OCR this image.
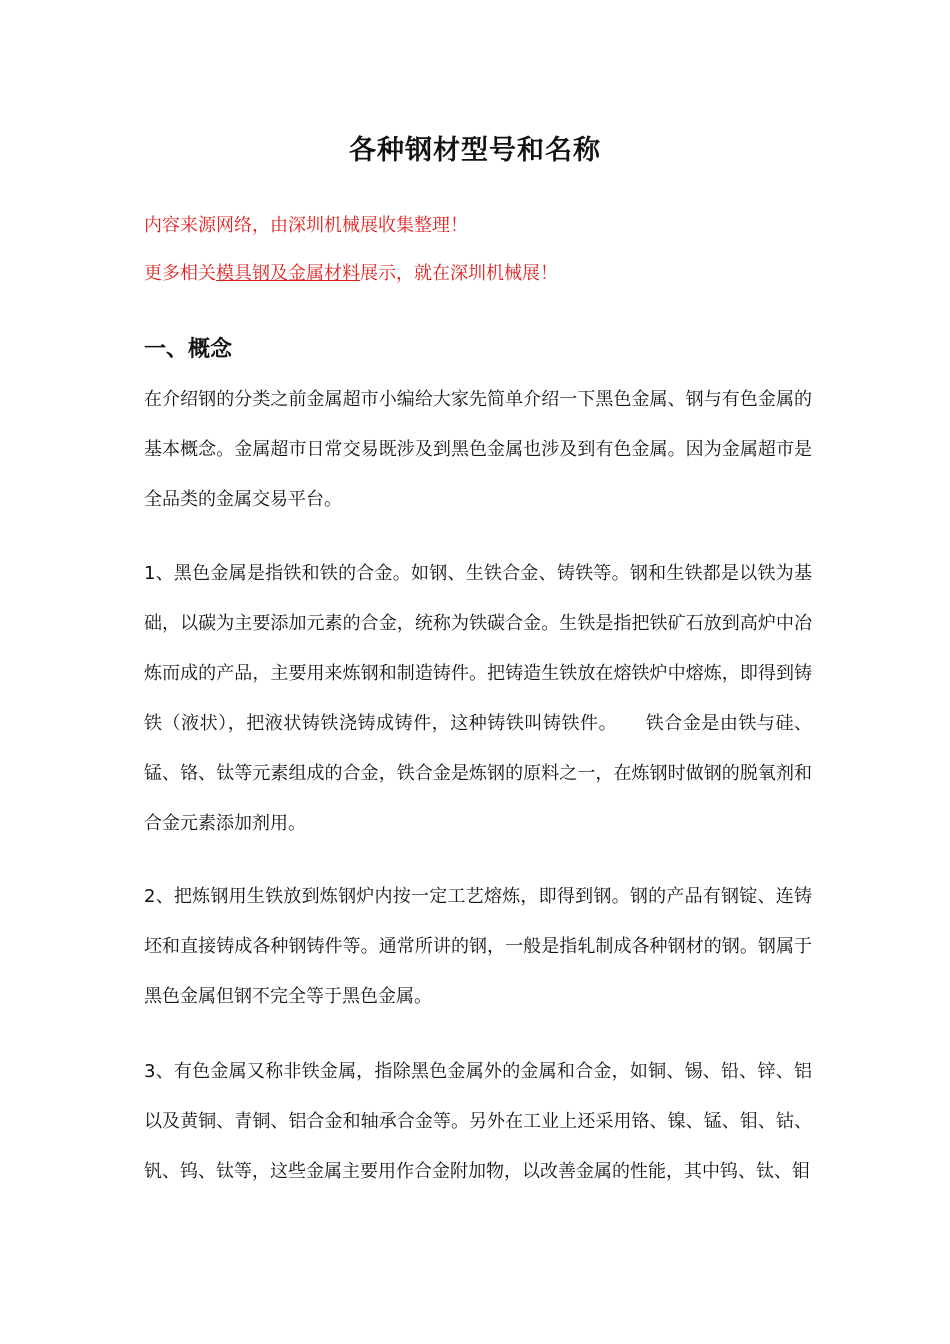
各种钢材型号和名称
内容来源网络，由深圳机械展收集整理！
更多相关模具钢及金属材料展示，就在深圳机械展！
一、概念

在介绍钢的分类之前金属超市小编给大家先简单介绍一下黑色金属、钢与有色金属的基本概念。金属超市日常交易既涉及到黑色金属也涉及到有色金属。因为金属超市是全品类的金属交易平台。

1、黑色金属是指铁和铁的合金。如钢、生铁合金、铸铁等。钢和生铁都是以铁为基础，以碳为主要添加元素的合金，统称为铁碳合金。生铁是指把铁矿石放到高炉中冶炼而成的产品，主要用来炼钢和制造铸件。把铸造生铁放在熔铁炉中熔炼，即得到铸铁（液状），把液状铸铁浇铸成铸件，这种铸铁叫铸铁件。 铁合金是由铁与硅、锰、铬、钛等元素组成的合金，铁合金是炼钢的原料之一，在炼钢时做钢的脱氧剂和合金元素添加剂用。

2、把炼钢用生铁放到炼钢炉内按一定工艺熔炼，即得到钢。钢的产品有钢锭、连铸坯和直接铸成各种钢铸件等。通常所讲的钢，一般是指轧制成各种钢材的钢。钢属于黑色金属但钢不完全等于黑色金属。

3、有色金属又称非铁金属，指除黑色金属外的金属和合金，如铜、锡、铅、锌、铝以及黄铜、青铜、铝合金和轴承合金等。另外在工业上还采用铬、镍、锰、钼、钴、钒、钨、钛等，这些金属主要用作合金附加物，以改善金属的性能，其中钨、钛、钼
